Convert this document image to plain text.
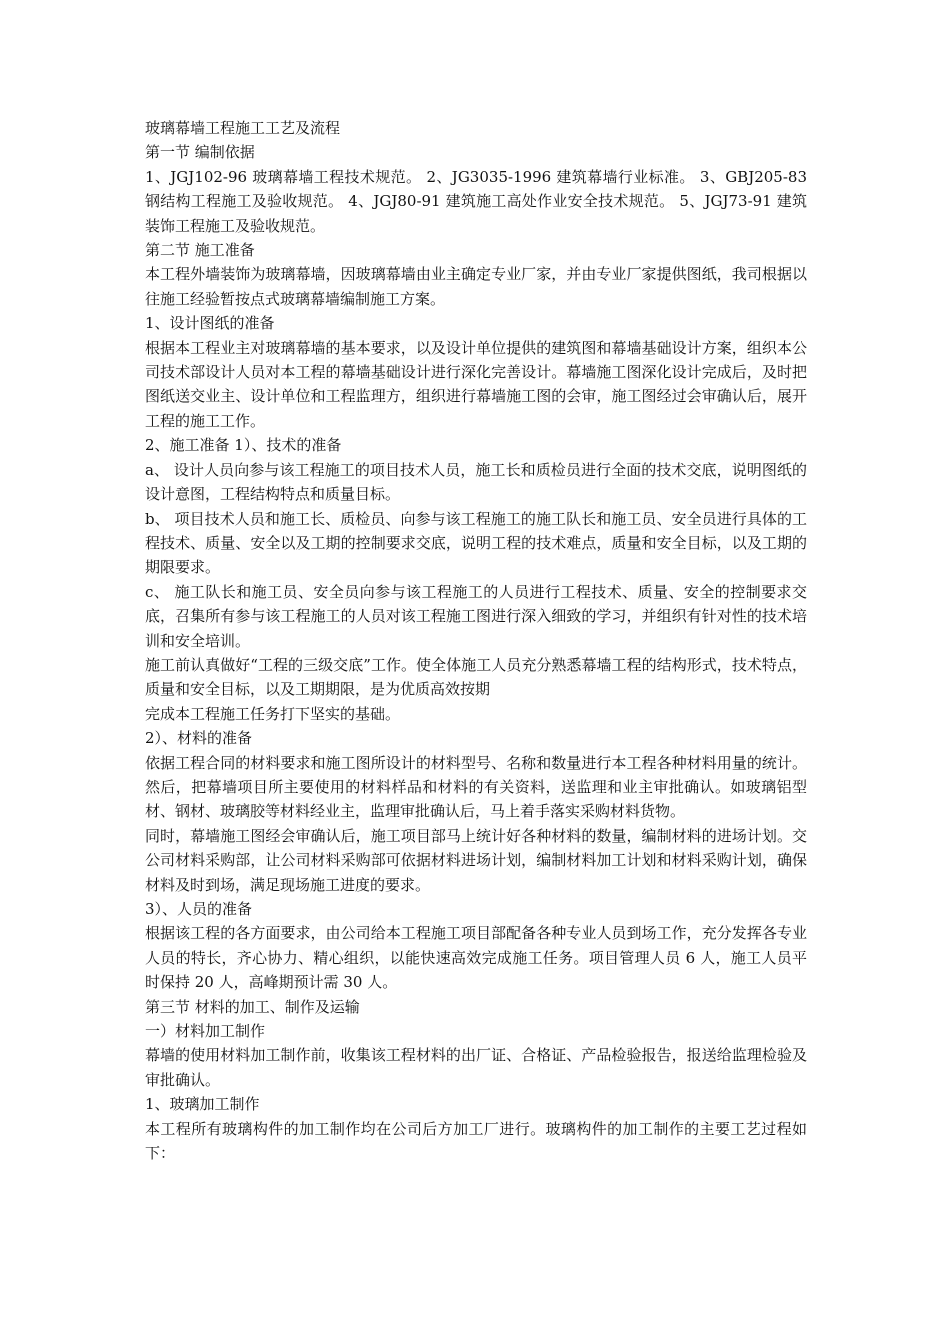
玻璃幕墙工程施工工艺及流程

第一节 编制依据

1、JGJ102-96 玻璃幕墙工程技术规范。 2、JG3035-1996 建筑幕墙行业标准。 3、GBJ205-83 钢结构工程施工及验收规范。 4、JGJ80-91 建筑施工高处作业安全技术规范。 5、JGJ73-91 建筑装饰工程施工及验收规范。

第二节 施工准备

本工程外墙装饰为玻璃幕墙，因玻璃幕墙由业主确定专业厂家，并由专业厂家提供图纸，我司根据以往施工经验暂按点式玻璃幕墙编制施工方案。

1、设计图纸的准备

根据本工程业主对玻璃幕墙的基本要求，以及设计单位提供的建筑图和幕墙基础设计方案，组织本公司技术部设计人员对本工程的幕墙基础设计进行深化完善设计。幕墙施工图深化设计完成后，及时把图纸送交业主、设计单位和工程监理方，组织进行幕墙施工图的会审，施工图经过会审确认后，展开工程的施工工作。

2、施工准备 1）、技术的准备

a、 设计人员向参与该工程施工的项目技术人员，施工长和质检员进行全面的技术交底，说明图纸的设计意图，工程结构特点和质量目标。

b、 项目技术人员和施工长、质检员、向参与该工程施工的施工队长和施工员、安全员进行具体的工程技术、质量、安全以及工期的控制要求交底，说明工程的技术难点，质量和安全目标，以及工期的期限要求。

c、 施工队长和施工员、安全员向参与该工程施工的人员进行工程技术、质量、安全的控制要求交底，召集所有参与该工程施工的人员对该工程施工图进行深入细致的学习，并组织有针对性的技术培训和安全培训。

施工前认真做好“工程的三级交底”工作。使全体施工人员充分熟悉幕墙工程的结构形式，技术特点，质量和安全目标，以及工期期限，是为优质高效按期

完成本工程施工任务打下坚实的基础。

2）、材料的准备

依据工程合同的材料要求和施工图所设计的材料型号、名称和数量进行本工程各种材料用量的统计。然后，把幕墙项目所主要使用的材料样品和材料的有关资料，送监理和业主审批确认。如玻璃铝型材、钢材、玻璃胶等材料经业主，监理审批确认后，马上着手落实采购材料货物。

同时，幕墙施工图经会审确认后，施工项目部马上统计好各种材料的数量，编制材料的进场计划。交公司材料采购部，让公司材料采购部可依据材料进场计划，编制材料加工计划和材料采购计划，确保材料及时到场，满足现场施工进度的要求。

3）、人员的准备

根据该工程的各方面要求，由公司给本工程施工项目部配备各种专业人员到场工作，充分发挥各专业人员的特长，齐心协力、精心组织，以能快速高效完成施工任务。项目管理人员 6 人，施工人员平时保持 20 人，高峰期预计需 30 人。

第三节 材料的加工、制作及运输

一）材料加工制作

幕墙的使用材料加工制作前，收集该工程材料的出厂证、合格证、产品检验报告，报送给监理检验及审批确认。

1、玻璃加工制作

本工程所有玻璃构件的加工制作均在公司后方加工厂进行。玻璃构件的加工制作的主要工艺过程如下：
